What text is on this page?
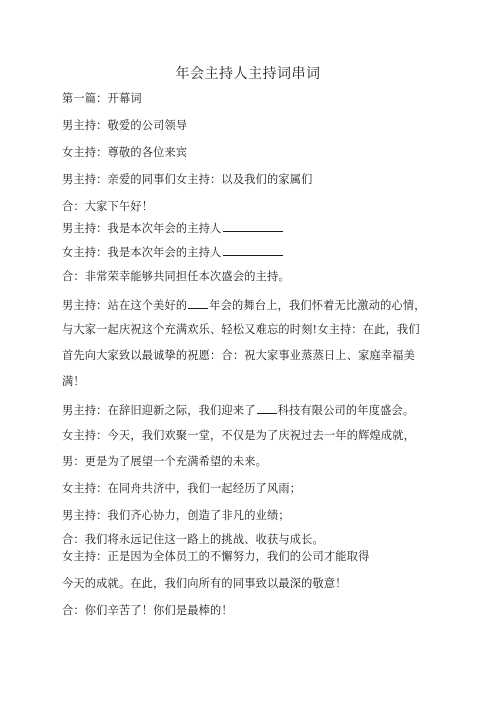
年会主持人主持词串词
第一篇：开幕词
男主持：敬爱的公司领导
女主持：尊敬的各位来宾
男主持：亲爱的同事们女主持：以及我们的家属们
合：大家下午好！
男主持：我是本次年会的主持人
女主持：我是本次年会的主持人
合：非常荣幸能够共同担任本次盛会的主持。
男主持：站在这个美好的 年会的舞台上，我们怀着无比激动的心情，
与大家一起庆祝这个充满欢乐、轻松又难忘的时刻!女主持：在此，我们
首先向大家致以最诚挚的祝愿：合：祝大家事业蒸蒸日上、家庭幸福美
满！
男主持：在辞旧迎新之际，我们迎来了 科技有限公司的年度盛会。
女主持：今天，我们欢聚一堂，不仅是为了庆祝过去一年的辉煌成就，
男：更是为了展望一个充满希望的未来。
女主持：在同舟共济中，我们一起经历了风雨；
男主持：我们齐心协力，创造了非凡的业绩；
合：我们将永远记住这一路上的挑战、收获与成长。
女主持：正是因为全体员工的不懈努力，我们的公司才能取得
今天的成就。在此，我们向所有的同事致以最深的敬意！
合：你们辛苦了！你们是最棒的！
